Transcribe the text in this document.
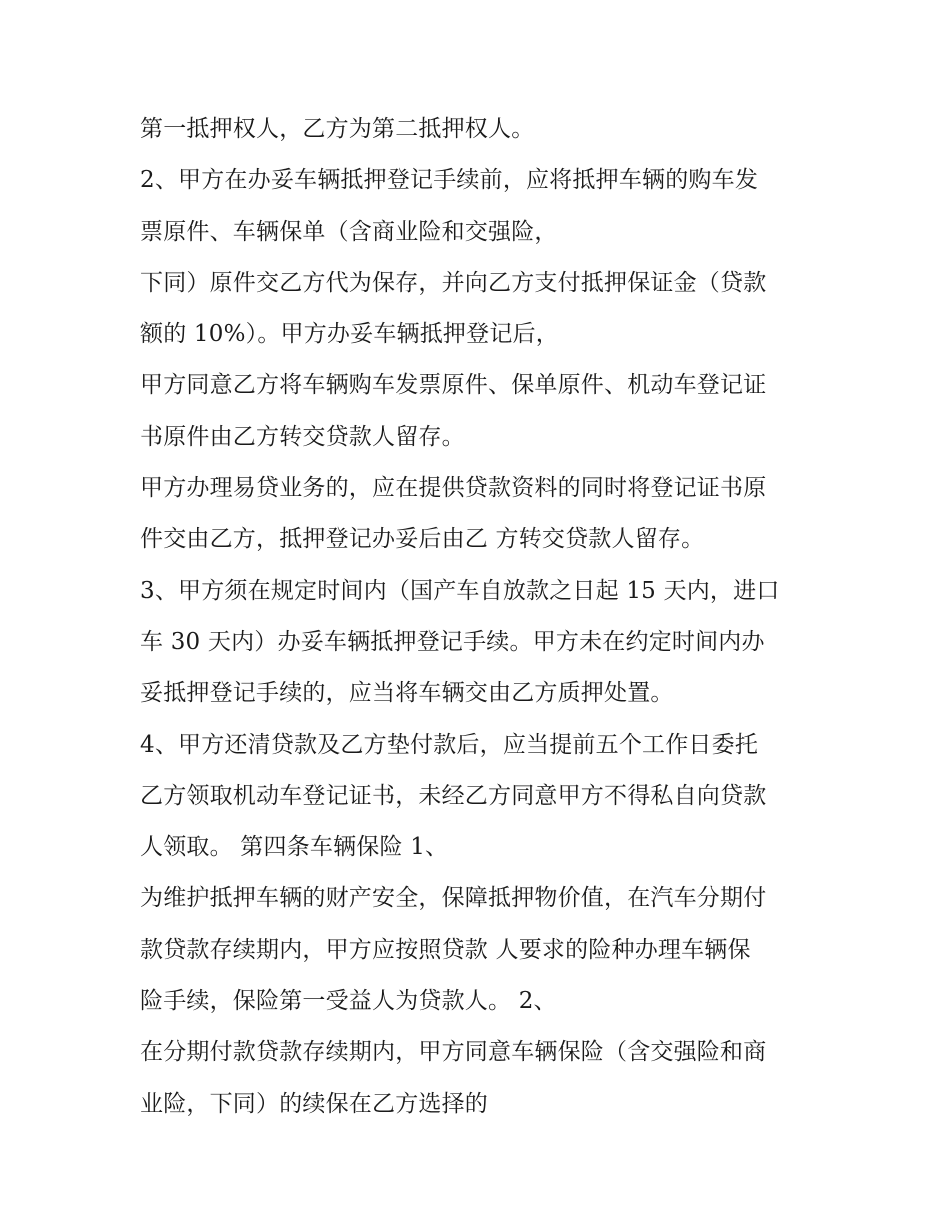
第一抵押权人，乙方为第二抵押权人。
2、甲方在办妥车辆抵押登记手续前，应将抵押车辆的购车发
票原件、车辆保单（含商业险和交强险，
下同）原件交乙方代为保存，并向乙方支付抵押保证金（贷款
额的 10%）。甲方办妥车辆抵押登记后，
甲方同意乙方将车辆购车发票原件、保单原件、机动车登记证
书原件由乙方转交贷款人留存。
甲方办理易贷业务的，应在提供贷款资料的同时将登记证书原
件交由乙方，抵押登记办妥后由乙 方转交贷款人留存。
3、甲方须在规定时间内（国产车自放款之日起 15 天内，进口
车 30 天内）办妥车辆抵押登记手续。甲方未在约定时间内办
妥抵押登记手续的，应当将车辆交由乙方质押处置。
4、甲方还清贷款及乙方垫付款后，应当提前五个工作日委托
乙方领取机动车登记证书，未经乙方同意甲方不得私自向贷款
人领取。 第四条车辆保险 1、
为维护抵押车辆的财产安全，保障抵押物价值，在汽车分期付
款贷款存续期内，甲方应按照贷款 人要求的险种办理车辆保
险手续，保险第一受益人为贷款人。 2、
在分期付款贷款存续期内，甲方同意车辆保险（含交强险和商
业险，下同）的续保在乙方选择的
